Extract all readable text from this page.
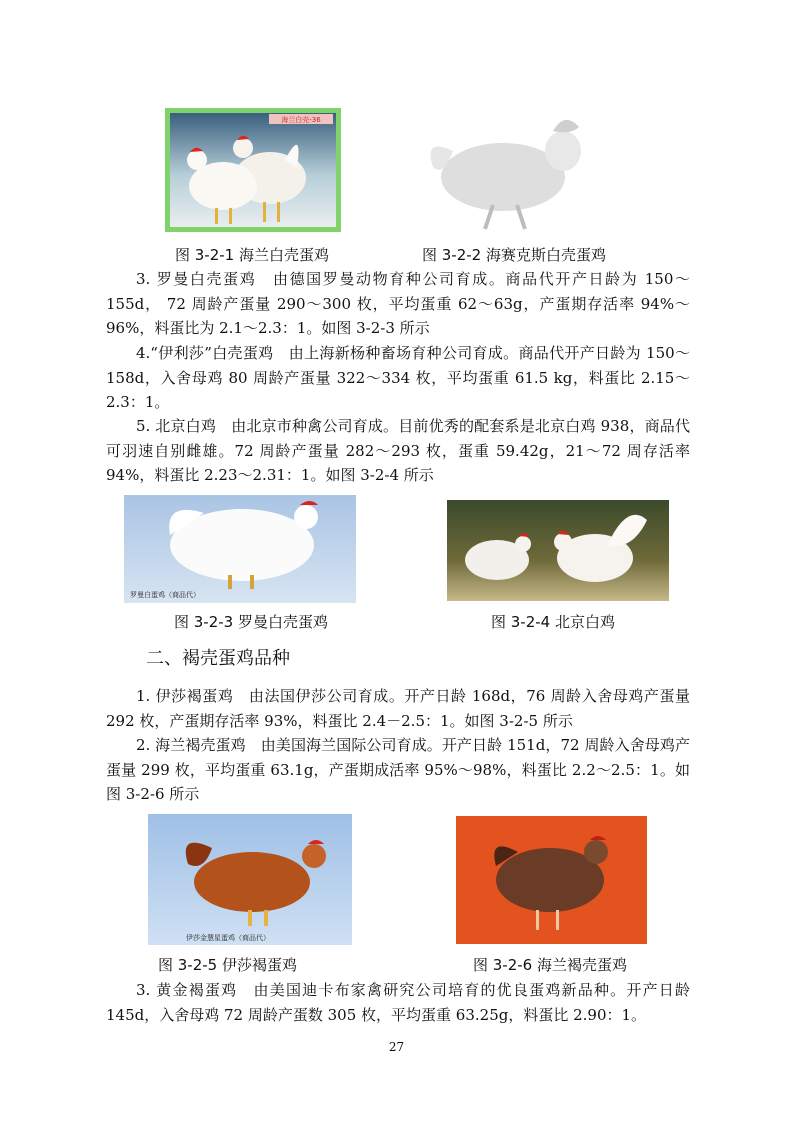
海兰白壳-36
图 3-2-1 海兰白壳蛋鸡	图 3-2-2 海赛克斯白壳蛋鸡
3. 罗曼白壳蛋鸡　由德国罗曼动物育种公司育成。商品代开产日龄为 150～155d， 72 周龄产蛋量 290～300 枚，平均蛋重 62～63g，产蛋期存活率 94%～96%，料蛋比为 2.1～2.3：1。如图 3-2-3 所示
4.“伊利莎”白壳蛋鸡　由上海新杨种畜场育种公司育成。商品代开产日龄为 150～158d，入舍母鸡 80 周龄产蛋量 322～334 枚，平均蛋重 61.5 kg，料蛋比 2.15～2.3：1。
5. 北京白鸡　由北京市种禽公司育成。目前优秀的配套系是北京白鸡 938，商品代可羽速自别雌雄。72 周龄产蛋量 282～293 枚，蛋重 59.42g，21～72 周存活率 94%，料蛋比 2.23～2.31：1。如图 3-2-4 所示
罗曼白蛋鸡（商品代）
图 3-2-3 罗曼白壳蛋鸡	图 3-2-4 北京白鸡
二、褐壳蛋鸡品种
1. 伊莎褐蛋鸡　由法国伊莎公司育成。开产日龄 168d，76 周龄入舍母鸡产蛋量 292 枚，产蛋期存活率 93%，料蛋比 2.4－2.5：1。如图 3-2-5 所示
2. 海兰褐壳蛋鸡　由美国海兰国际公司育成。开产日龄 151d，72 周龄入舍母鸡产蛋量 299 枚，平均蛋重 63.1g，产蛋期成活率 95%～98%，料蛋比 2.2～2.5：1。如图 3-2-6 所示
伊莎金慧星蛋鸡（商品代）
图 3-2-5 伊莎褐蛋鸡	图 3-2-6 海兰褐壳蛋鸡
3. 黄金褐蛋鸡　由美国迪卡布家禽研究公司培育的优良蛋鸡新品种。开产日龄 145d，入舍母鸡 72 周龄产蛋数 305 枚，平均蛋重 63.25g，料蛋比 2.90：1。
27
